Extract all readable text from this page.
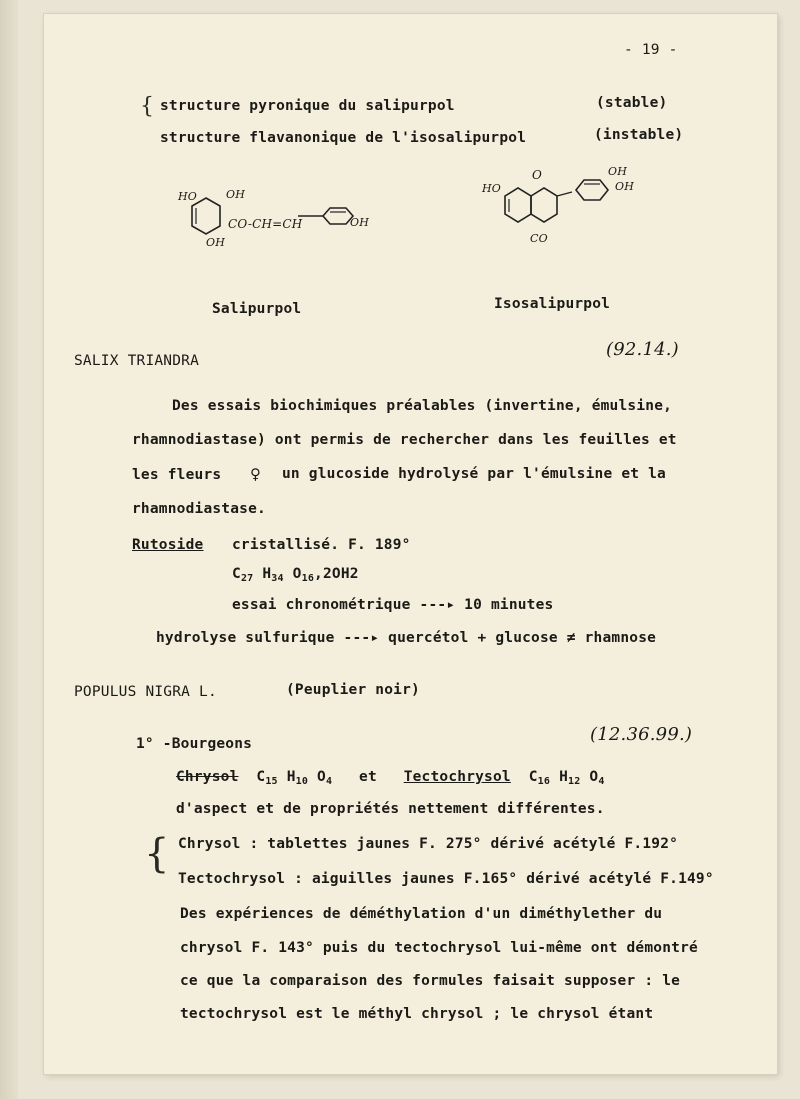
- 19 -
{ structure pyronique du salipurpol	(stable)
structure flavanonique de l'isosalipurpol	(instable)
HO	OH
OH
CO-CH=CH	OH
HO
O	OH
OH
CO
Salipurpol	Isosalipurpol
SALIX TRIANDRA
(92.14.)
Des essais biochimiques préalables (invertine, émulsine,
rhamnodiastase) ont permis de rechercher dans les feuilles et
les fleurs ♀ un glucoside hydrolysé par l'émulsine et la
rhamnodiastase.
Rutoside cristallisé. F. 189°
$C_{27}$ $H_{34}$ $O_{16},2OH2$
essai chronométrique ---▸ 10 minutes
hydrolyse sulfurique ---▸ quercétol + glucose ≠ rhamnose
POPULUS NIGRA L.	(Peuplier noir)
1° -Bourgeons	(12.36.99.)
Chrysol $C_{15}$ $H_{10}$ $O_4$ et Tectochrysol $C_{16}$ $H_{12}$ $O_4$
d'aspect et de propriétés nettement différentes.
{ Chrysol : tablettes jaunes F. 275° dérivé acétylé F.192°
Tectochrysol : aiguilles jaunes F.165° dérivé acétylé F.149°
Des expériences de déméthylation d'un diméthylether du
chrysol F. 143° puis du tectochrysol lui-même ont démontré
ce que la comparaison des formules faisait supposer : le
tectochrysol est le méthyl chrysol ; le chrysol étant
